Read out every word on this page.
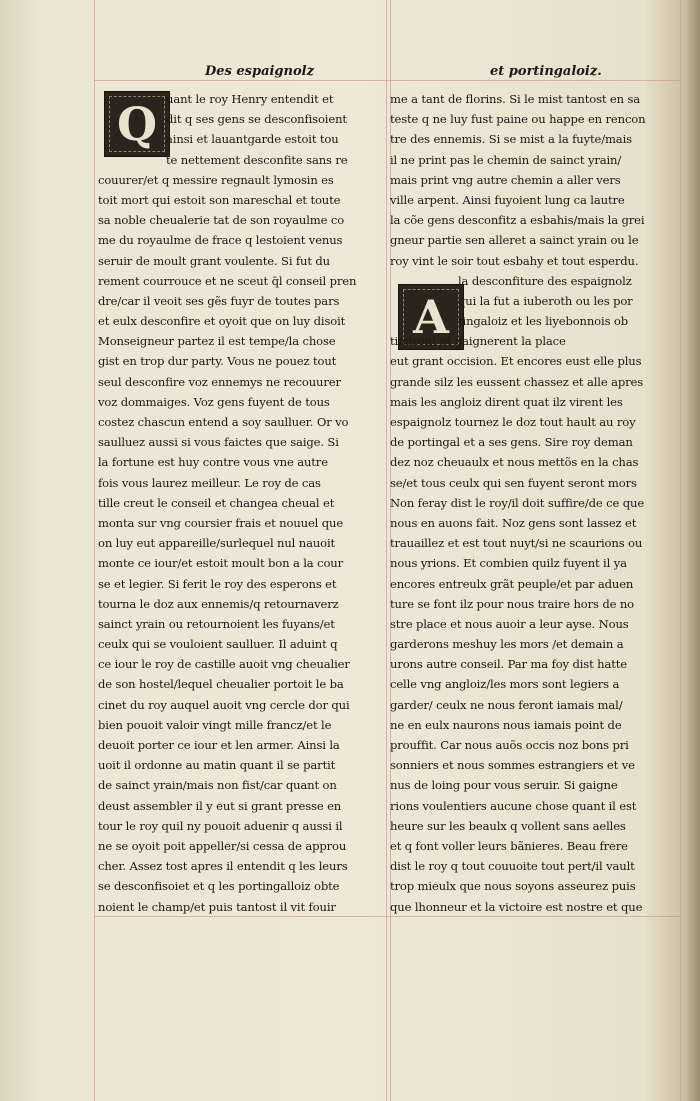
Des espaignolz	et portingaloiz.
Q
A
uant le roy Henry entendit et
dit q ses gens se desconfisoient
ainsi et lauantgarde estoit tou
te nettement desconfite sans re
couurer/et q messire regnault lymosin es
toit mort qui estoit son mareschal et toute
sa noble cheualerie tat de son royaulme co
me du royaulme de frace q lestoient venus
seruir de moult grant voulente. Si fut du
rement courrouce et ne sceut q̄l conseil pren
dre/car il veoit ses gẽs fuyr de toutes pars
et eulx desconfire et oyoit que on luy disoit
Monseigneur partez il est tempe/la chose
gist en trop dur party. Vous ne pouez tout
seul desconfire voz ennemys ne recouurer
voz dommaiges. Voz gens fuyent de tous
costez chascun entend a soy saulluer. Or vo
saulluez aussi si vous faictes que saige. Si
la fortune est huy contre vous vne autre
fois vous laurez meilleur. Le roy de cas
tille creut le conseil et changea cheual et
monta sur vng coursier frais et nouuel que
on luy eut appareille/surlequel nul nauoit
monte ce iour/et estoit moult bon a la cour
se et legier. Si ferit le roy des esperons et
tourna le doz aux ennemis/q retournaverz
sainct yrain ou retournoient les fuyans/et
ceulx qui se vouloient saulluer. Il aduint q
ce iour le roy de castille auoit vng cheualier
de son hostel/lequel cheualier portoit le ba
cinet du roy auquel auoit vng cercle dor qui
bien pouoit valoir vingt mille francz/et le
deuoit porter ce iour et len armer. Ainsi la
uoit il ordonne au matin quant il se partit
de sainct yrain/mais non fist/car quant on
deust assembler il y eut si grant presse en
tour le roy quil ny pouoit aduenir q aussi il
ne se oyoit poit appeller/si cessa de approu
cher. Assez tost apres il entendit q les leurs
se desconfisoiet et q les portingalloiz obte
noient le champ/et puis tantost il vit fouir
me a tant de florins. Si le mist tantost en sa
teste q ne luy fust paine ou happe en rencon
tre des ennemis. Si se mist a la fuyte/mais
il ne print pas le chemin de sainct yrain/
mais print vng autre chemin a aller vers
ville arpent. Ainsi fuyoient lung ca lautre
la cõe gens desconfitz a esbahis/mais la grei
gneur partie sen alleret a sainct yrain ou le
roy vint le soir tout esbahy et tout esperdu.
la desconfiture des espaignolz
qui la fut a iuberoth ou les por
tingaloiz et les liyebonnois ob
tindrent et gaignerent la place
eut grant occision. Et encores eust elle plus
grande silz les eussent chassez et alle apres
mais les angloiz dirent quat ilz virent les
espaignolz tournez le doz tout hault au roy
de portingal et a ses gens. Sire roy deman
dez noz cheuaulx et nous mettõs en la chas
se/et tous ceulx qui sen fuyent seront mors
Non feray dist le roy/il doit suffire/de ce que
nous en auons fait. Noz gens sont lassez et
trauaillez et est tout nuyt/si ne scaurions ou
nous yrions. Et combien quilz fuyent il ya
encores entreulx grãt peuple/et par aduen
ture se font ilz pour nous traire hors de no
stre place et nous auoir a leur ayse. Nous
garderons meshuy les mors /et demain a
urons autre conseil. Par ma foy dist hatte
celle vng angloiz/les mors sont legiers a
garder/ ceulx ne nous feront iamais mal/
ne en eulx naurons nous iamais point de
prouffit. Car nous auõs occis noz bons pri
sonniers et nous sommes estrangiers et ve
nus de loing pour vous seruir. Si gaigne
rions voulentiers aucune chose quant il est
heure sur les beaulx q vollent sans aelles
et q font voller leurs bãnieres. Beau frere
dist le roy q tout couuoite tout pert/il vault
trop mieulx que nous soyons asseurez puis
que lhonneur et la victoire est nostre et que
